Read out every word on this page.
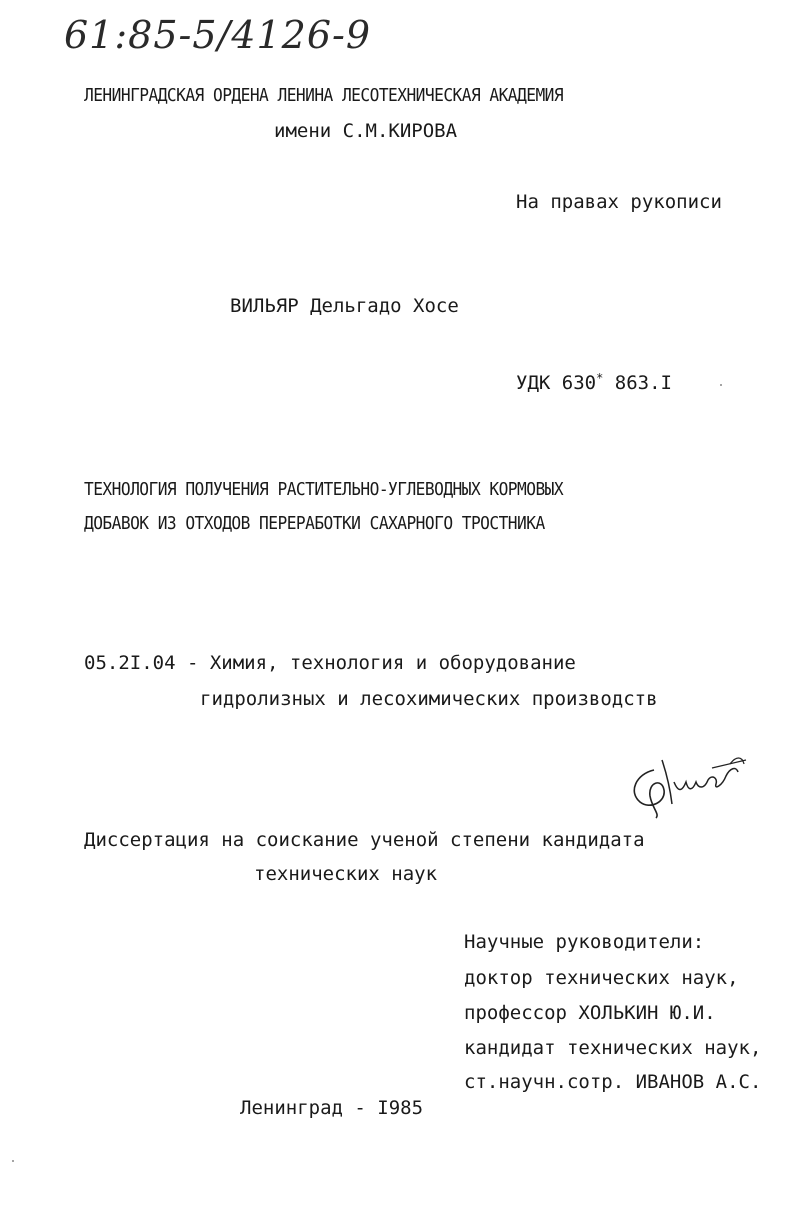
61:85-5/4126-9
ЛЕНИНГРАДСКАЯ ОРДЕНА ЛЕНИНА ЛЕСОТЕХНИЧЕСКАЯ АКАДЕМИЯ
имени С.М.КИРОВА
На правах рукописи
ВИЛЬЯР Дельгадо Хосе
УДК 630* 863.I
ТЕХНОЛОГИЯ ПОЛУЧЕНИЯ РАСТИТЕЛЬНО-УГЛЕВОДНЫХ КОРМОВЫХ
ДОБАВОК ИЗ ОТХОДОВ ПЕРЕРАБОТКИ САХАРНОГО ТРОСТНИКА
05.2I.04 - Химия, технология и оборудование
гидролизных и лесохимических производств
Диссертация на соискание ученой степени кандидата
технических наук
Научные руководители:
доктор технических наук,
профессор ХОЛЬКИН Ю.И.
кандидат технических наук,
ст.научн.сотр. ИВАНОВ А.С.
Ленинград - I985
